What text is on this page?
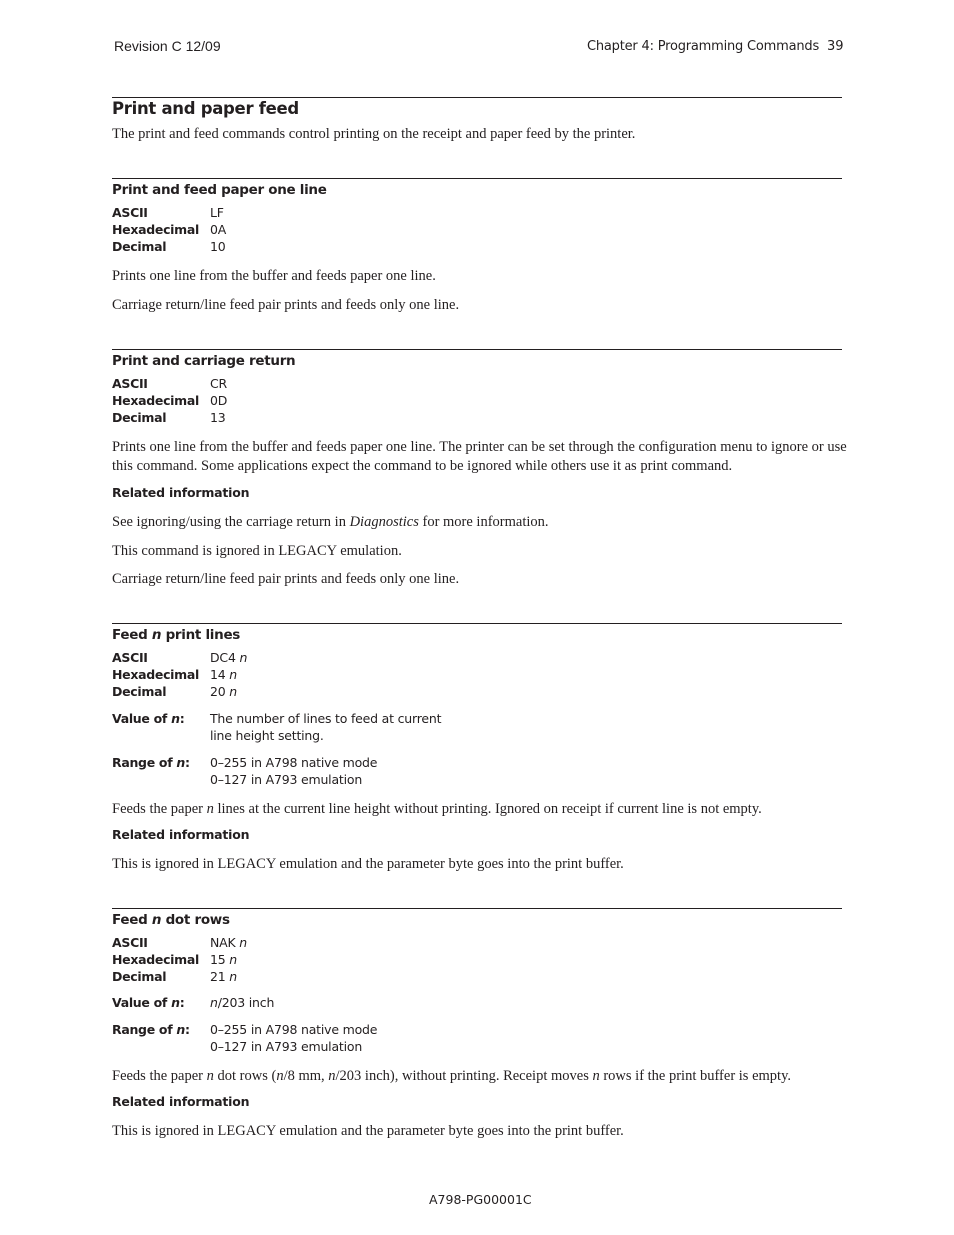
Revision C 12/09	Chapter 4: Programming Commands 39
Print and paper feed
The print and feed commands control printing on the receipt and paper feed by the printer.
Print and feed paper one line
ASCII	LF
Hexadecimal 0A
Decimal	10
Prints one line from the buffer and feeds paper one line.
Carriage return/line feed pair prints and feeds only one line.
Print and carriage return
ASCII	CR
Hexadecimal 0D
Decimal	13
Prints one line from the buffer and feeds paper one line. The printer can be set through the configuration menu to ignore or use this command. Some applications expect the command to be ignored while others use it as print command.
Related information
See ignoring/using the carriage return in Diagnostics for more information.
This command is ignored in LEGACY emulation.
Carriage return/line feed pair prints and feeds only one line.
Feed n print lines
ASCII	DC4 n
Hexadecimal 14 n
Decimal	20 n
Value of n: The number of lines to feed at current
line height setting.
Range of n: 0–255 in A798 native mode
0–127 in A793 emulation
Feeds the paper n lines at the current line height without printing. Ignored on receipt if current line is not empty.
Related information
This is ignored in LEGACY emulation and the parameter byte goes into the print buffer.
Feed n dot rows
ASCII	NAK n
Hexadecimal 15 n
Decimal	21 n
Value of n: n/203 inch
Range of n: 0–255 in A798 native mode
0–127 in A793 emulation
Feeds the paper n dot rows (n/8 mm, n/203 inch), without printing. Receipt moves n rows if the print buffer is empty.
Related information
This is ignored in LEGACY emulation and the parameter byte goes into the print buffer.
A798-PG00001C
